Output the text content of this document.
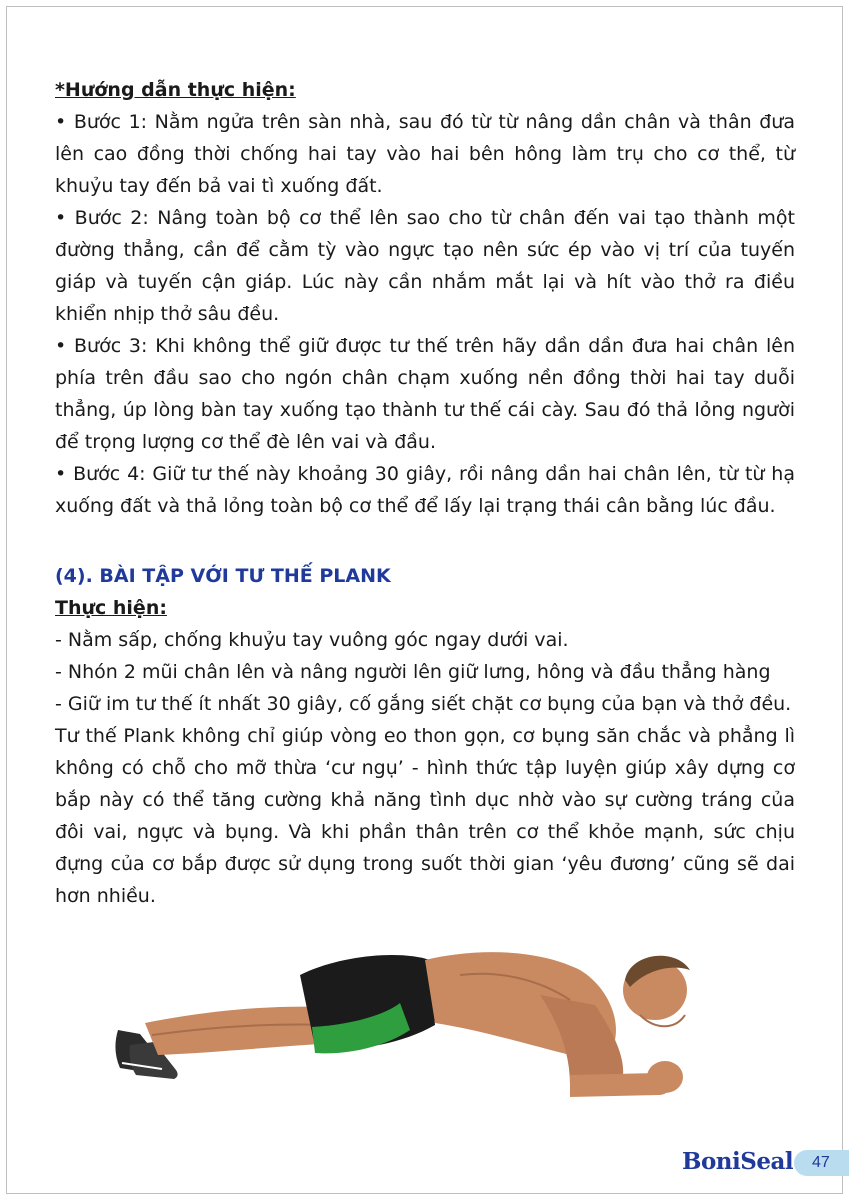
*Hướng dẫn thực hiện:

• Bước 1: Nằm ngửa trên sàn nhà, sau đó từ từ nâng dần chân và thân đưa lên cao đồng thời chống hai tay vào hai bên hông làm trụ cho cơ thể, từ khuỷu tay đến bả vai tì xuống đất.

• Bước 2: Nâng toàn bộ cơ thể lên sao cho từ chân đến vai tạo thành một đường thẳng, cần để cằm tỳ vào ngực tạo nên sức ép vào vị trí của tuyến giáp và tuyến cận giáp. Lúc này cần nhắm mắt lại và hít vào thở ra điều khiển nhịp thở sâu đều.

• Bước 3: Khi không thể giữ được tư thế trên hãy dần dần đưa hai chân lên phía trên đầu sao cho ngón chân chạm xuống nền đồng thời hai tay duỗi thẳng, úp lòng bàn tay xuống tạo thành tư thế cái cày. Sau đó thả lỏng người để trọng lượng cơ thể đè lên vai và đầu.

• Bước 4: Giữ tư thế này khoảng 30 giây, rồi nâng dần hai chân lên, từ từ hạ xuống đất và thả lỏng toàn bộ cơ thể để lấy lại trạng thái cân bằng lúc đầu.

(4). BÀI TẬP VỚI TƯ THẾ PLANK

Thực hiện:

- Nằm sấp, chống khuỷu tay vuông góc ngay dưới vai.

- Nhón 2 mũi chân lên và nâng người lên giữ lưng, hông và đầu thẳng hàng

- Giữ im tư thế ít nhất 30 giây, cố gắng siết chặt cơ bụng của bạn và thở đều.

Tư thế Plank không chỉ giúp vòng eo thon gọn, cơ bụng săn chắc và phẳng lì không có chỗ cho mỡ thừa ‘cư ngụ’ - hình thức tập luyện giúp xây dựng cơ bắp này có thể tăng cường khả năng tình dục nhờ vào sự cường tráng của đôi vai, ngực và bụng. Và khi phần thân trên cơ thể khỏe mạnh, sức chịu đựng của cơ bắp được sử dụng trong suốt thời gian ‘yêu đương’ cũng sẽ dai hơn nhiều.

BoniSeal	47
